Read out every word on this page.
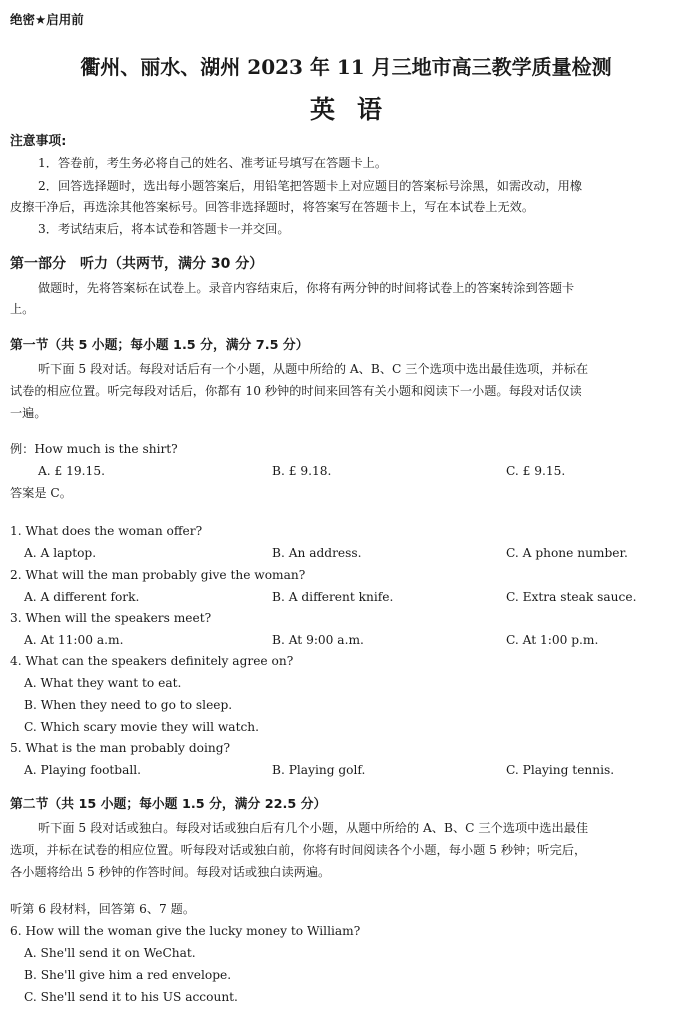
绝密★启用前
衢州、丽水、湖州 2023 年 11 月三地市高三教学质量检测
英语
注意事项:
1．答卷前，考生务必将自己的姓名、准考证号填写在答题卡上。
2．回答选择题时，选出每小题答案后，用铅笔把答题卡上对应题目的答案标号涂黑，如需改动，用橡
皮擦干净后，再选涂其他答案标号。回答非选择题时，将答案写在答题卡上，写在本试卷上无效。
3．考试结束后，将本试卷和答题卡一并交回。
第一部分　听力（共两节，满分 30 分）
做题时，先将答案标在试卷上。录音内容结束后，你将有两分钟的时间将试卷上的答案转涂到答题卡
上。
第一节（共 5 小题；每小题 1.5 分，满分 7.5 分）
听下面 5 段对话。每段对话后有一个小题，从题中所给的 A、B、C 三个选项中选出最佳选项，并标在
试卷的相应位置。听完每段对话后，你都有 10 秒钟的时间来回答有关小题和阅读下一小题。每段对话仅读
一遍。
例：How much is the shirt?
A. £ 19.15.	B. £ 9.18.	C. £ 9.15.
答案是 C。
1. What does the woman offer?
A. A laptop.	B. An address.	C. A phone number.
2. What will the man probably give the woman?
A. A different fork.	B. A different knife.	C. Extra steak sauce.
3. When will the speakers meet?
A. At 11:00 a.m.	B. At 9:00 a.m.	C. At 1:00 p.m.
4. What can the speakers definitely agree on?
A. What they want to eat.
B. When they need to go to sleep.
C. Which scary movie they will watch.
5. What is the man probably doing?
A. Playing football.	B. Playing golf.	C. Playing tennis.
第二节（共 15 小题；每小题 1.5 分，满分 22.5 分）
听下面 5 段对话或独白。每段对话或独白后有几个小题，从题中所给的 A、B、C 三个选项中选出最佳
选项，并标在试卷的相应位置。听每段对话或独白前，你将有时间阅读各个小题，每小题 5 秒钟；听完后，
各小题将给出 5 秒钟的作答时间。每段对话或独白读两遍。
听第 6 段材料，回答第 6、7 题。
6. How will the woman give the lucky money to William?
A. She'll send it on WeChat.
B. She'll give him a red envelope.
C. She'll send it to his US account.
